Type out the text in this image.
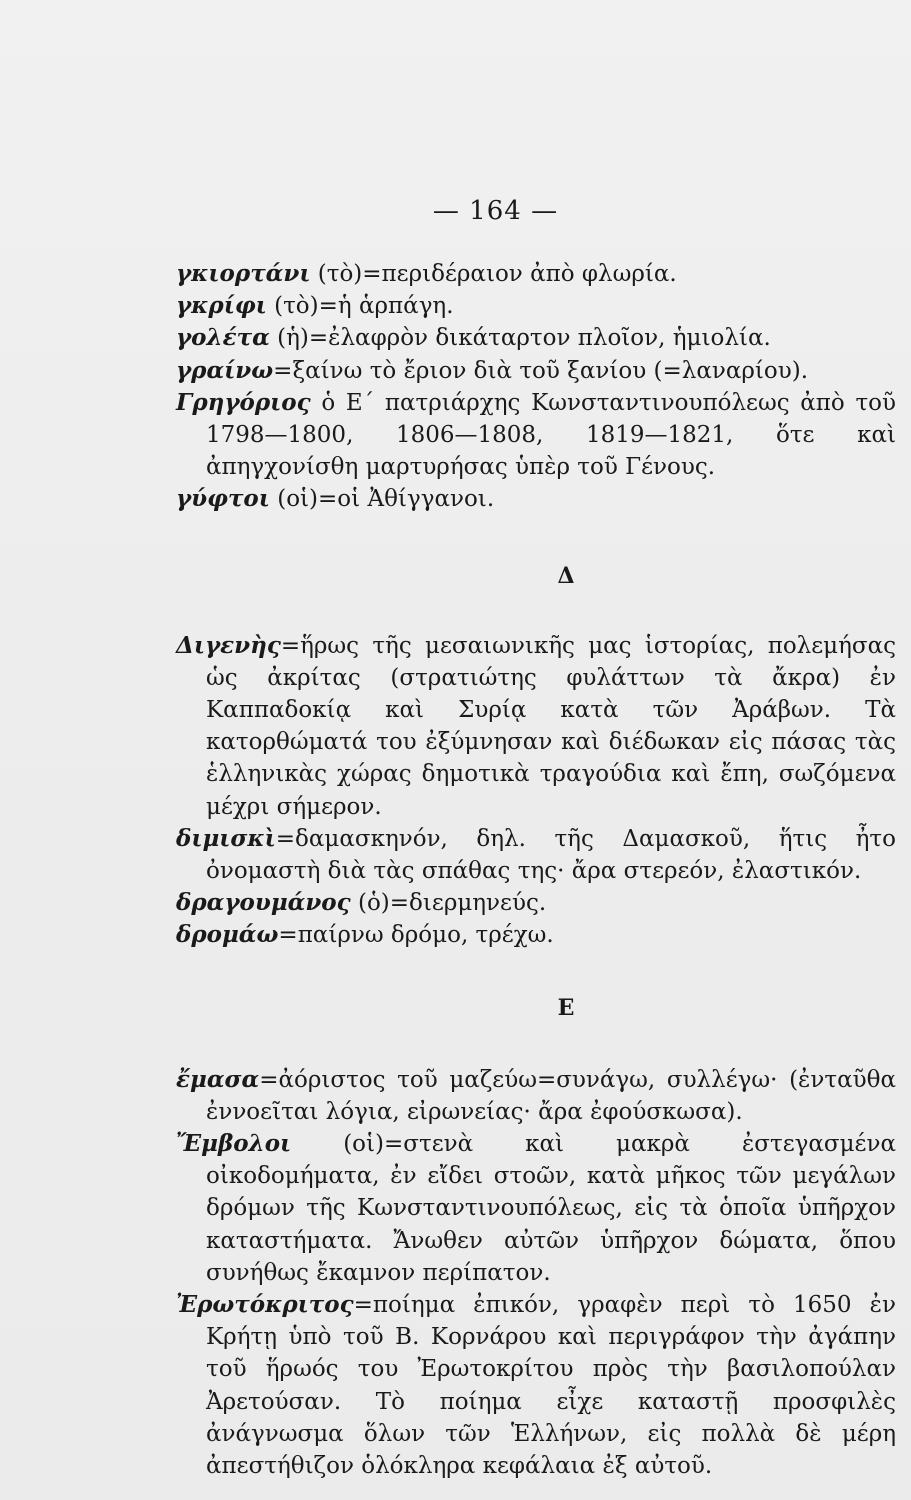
— 164 —
γκιορτάνι (τὸ)=περιδέραιον ἀπὸ φλωρία.
γκρίφι (τὸ)=ἡ ἁρπάγη.
γολέτα (ἡ)=ἐλαφρὸν δικάταρτον πλοῖον, ἡμιολία.
γραίνω=ξαίνω τὸ ἔριον διὰ τοῦ ξανίου (=λαναρίου).
Γρηγόριος ὁ Ε΄ πατριάρχης Κωνσταντινουπόλεως ἀπὸ τοῦ 1798—1800, 1806—1808, 1819—1821, ὅτε καὶ ἀπηγχονίσθη μαρτυρήσας ὑπὲρ τοῦ Γένους.
γύφτοι (οἱ)=οἱ Ἀθίγγανοι.
Δ
Διγενὴς=ἥρως τῆς μεσαιωνικῆς μας ἱστορίας, πολεμήσας ὡς ἀκρίτας (στρατιώτης φυλάττων τὰ ἄκρα) ἐν Καππαδοκίᾳ καὶ Συρίᾳ κατὰ τῶν Ἀράβων. Τὰ κατορθώματά του ἐξύμνησαν καὶ διέδωκαν εἰς πάσας τὰς ἑλληνικὰς χώρας δημοτικὰ τραγούδια καὶ ἔπη, σωζόμενα μέχρι σήμερον.
διμισκὶ=δαμασκηνόν, δηλ. τῆς Δαμασκοῦ, ἥτις ἦτο ὀνομαστὴ διὰ τὰς σπάθας της· ἄρα στερεόν, ἐλαστικόν.
δραγουμάνος (ὁ)=διερμηνεύς.
δρομάω=παίρνω δρόμο, τρέχω.
Ε
ἔμασα=ἀόριστος τοῦ μαζεύω=συνάγω, συλλέγω· (ἐνταῦθα ἐννοεῖται λόγια, εἰρωνείας· ἄρα ἐφούσκωσα).
Ἔμβολοι (οἱ)=στενὰ καὶ μακρὰ ἐστεγασμένα οἰκοδομήματα, ἐν εἴδει στοῶν, κατὰ μῆκος τῶν μεγάλων δρόμων τῆς Κωνσταντινουπόλεως, εἰς τὰ ὁποῖα ὑπῆρχον καταστήματα. Ἄνωθεν αὐτῶν ὑπῆρχον δώματα, ὅπου συνήθως ἔκαμνον περίπατον.
Ἐρωτόκριτος=ποίημα ἐπικόν, γραφὲν περὶ τὸ 1650 ἐν Κρήτῃ ὑπὸ τοῦ Β. Κορνάρου καὶ περιγράφον τὴν ἀγάπην τοῦ ἥρωός του Ἐρωτοκρίτου πρὸς τὴν βασιλοπούλαν Ἀρετούσαν. Τὸ ποίημα εἶχε καταστῇ προσφιλὲς ἀνάγνωσμα ὅλων τῶν Ἑλλήνων, εἰς πολλὰ δὲ μέρη ἀπεστήθιζον ὁλόκληρα κεφάλαια ἐξ αὐτοῦ.
